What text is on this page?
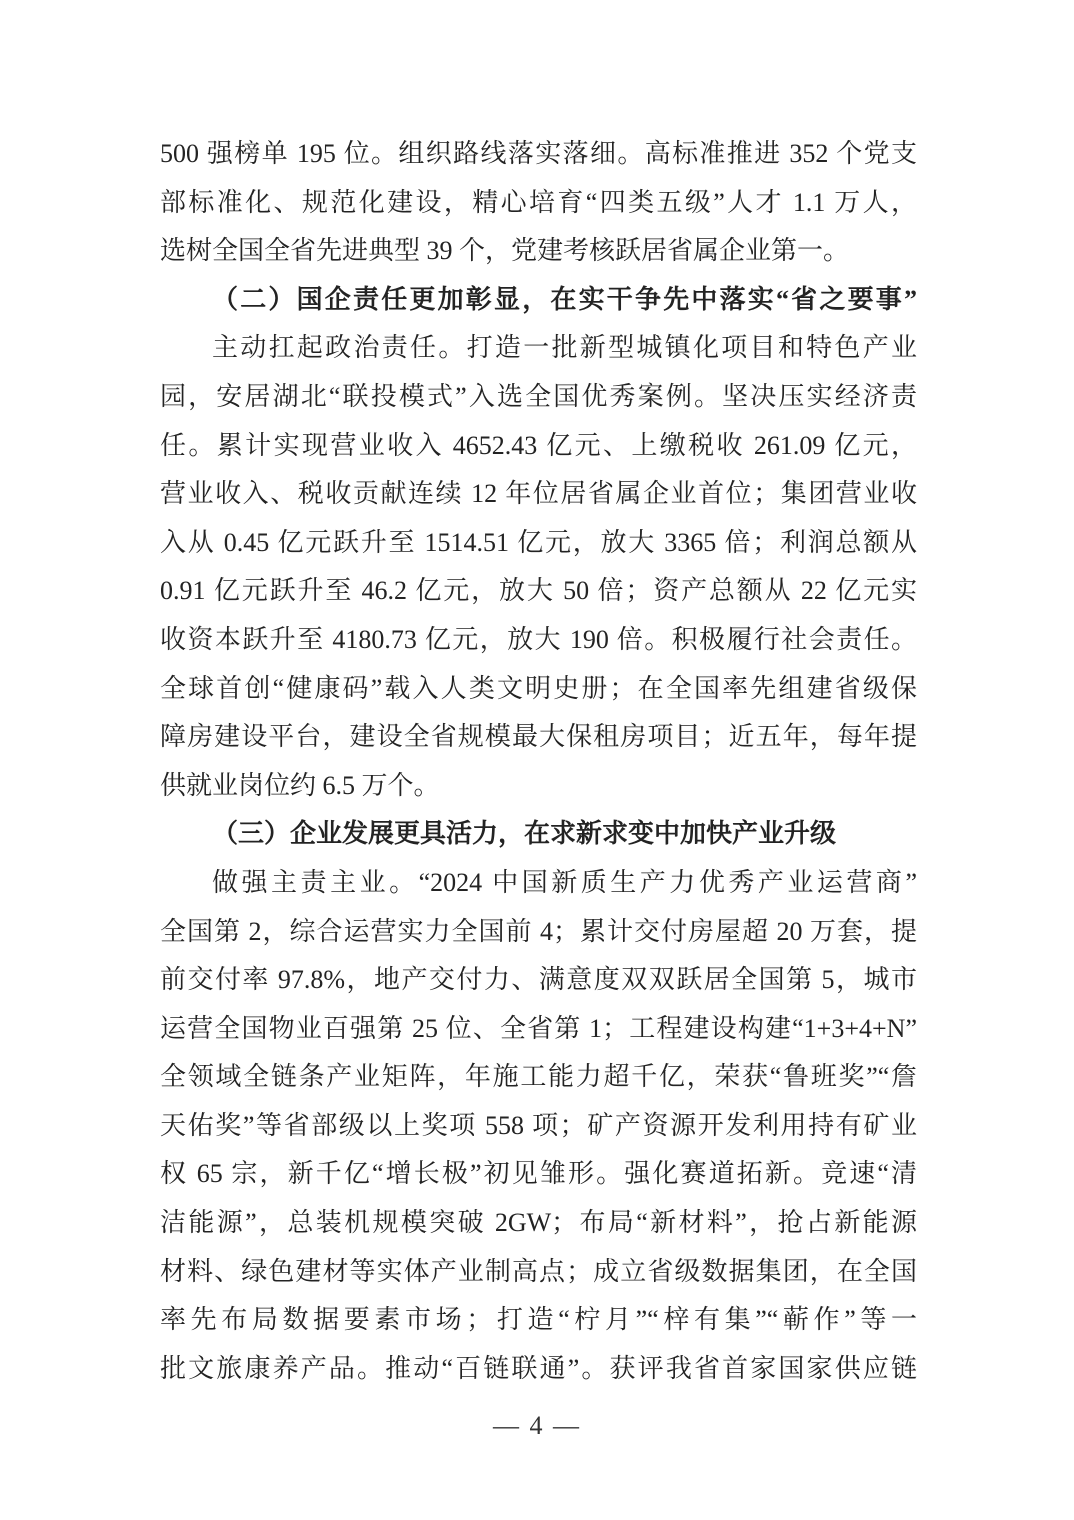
500 强榜单 195 位。组织路线落实落细。高标准推进 352 个党支
部标准化、规范化建设，精心培育“四类五级”人才 1.1 万人，
选树全国全省先进典型 39 个，党建考核跃居省属企业第一。
（二）国企责任更加彰显，在实干争先中落实“省之要事”
主动扛起政治责任。打造一批新型城镇化项目和特色产业
园，安居湖北“联投模式”入选全国优秀案例。坚决压实经济责
任。累计实现营业收入 4652.43 亿元、上缴税收 261.09 亿元，
营业收入、税收贡献连续 12 年位居省属企业首位；集团营业收
入从 0.45 亿元跃升至 1514.51 亿元，放大 3365 倍；利润总额从
0.91 亿元跃升至 46.2 亿元，放大 50 倍；资产总额从 22 亿元实
收资本跃升至 4180.73 亿元，放大 190 倍。积极履行社会责任。
全球首创“健康码”载入人类文明史册；在全国率先组建省级保
障房建设平台，建设全省规模最大保租房项目；近五年，每年提
供就业岗位约 6.5 万个。
（三）企业发展更具活力，在求新求变中加快产业升级
做强主责主业。“2024 中国新质生产力优秀产业运营商”
全国第 2，综合运营实力全国前 4；累计交付房屋超 20 万套，提
前交付率 97.8%，地产交付力、满意度双双跃居全国第 5，城市
运营全国物业百强第 25 位、全省第 1；工程建设构建“1+3+4+N”
全领域全链条产业矩阵，年施工能力超千亿，荣获“鲁班奖”“詹
天佑奖”等省部级以上奖项 558 项；矿产资源开发利用持有矿业
权 65 宗，新千亿“增长极”初见雏形。强化赛道拓新。竞速“清
洁能源”，总装机规模突破 2GW；布局“新材料”，抢占新能源
材料、绿色建材等实体产业制高点；成立省级数据集团，在全国
率先布局数据要素市场；打造“柠月”“梓有集”“蕲作”等一
批文旅康养产品。推动“百链联通”。获评我省首家国家供应链
— 4 —
